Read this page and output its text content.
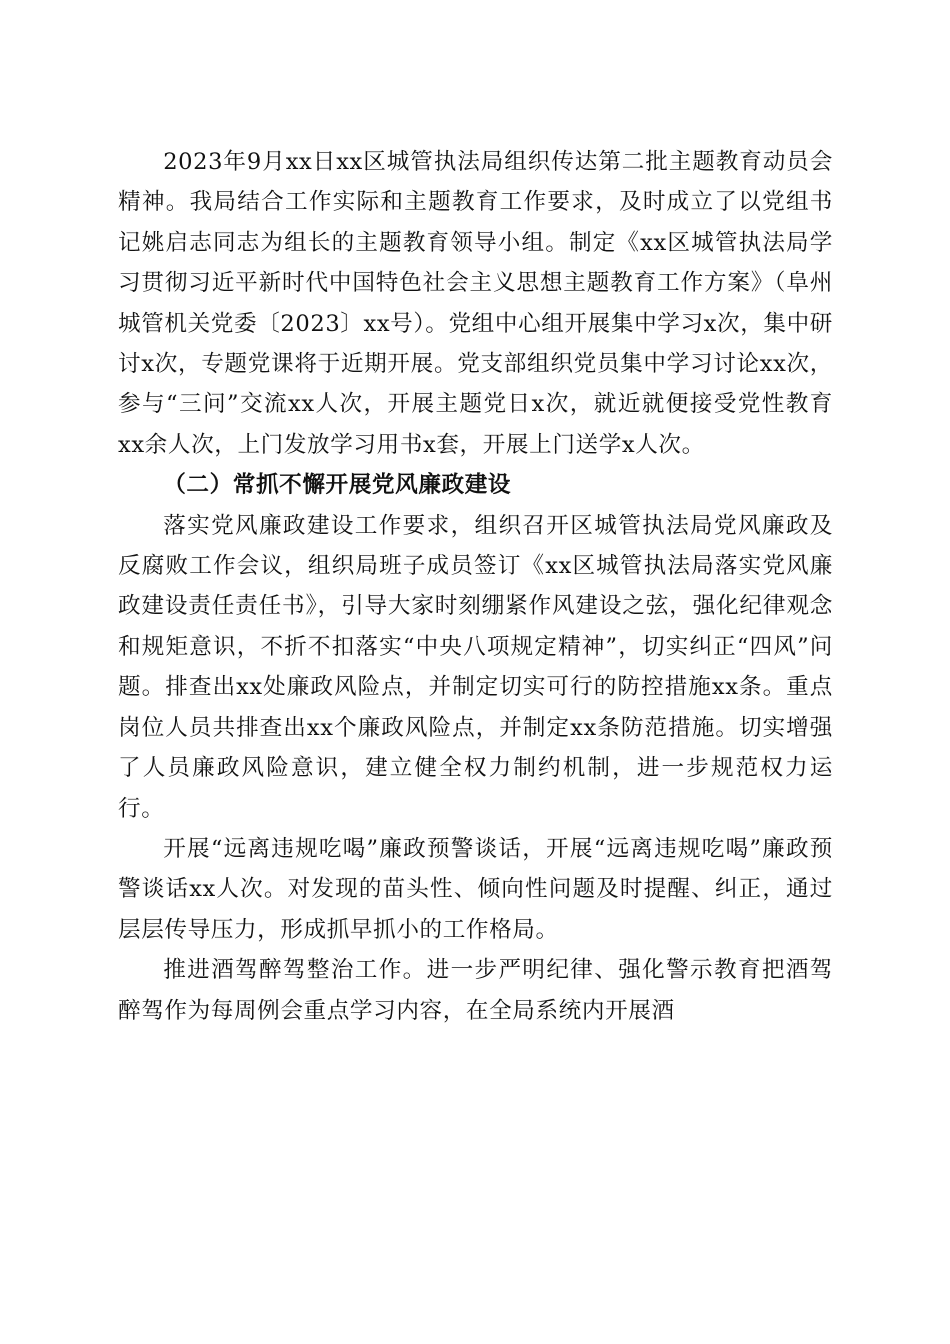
2023年9月xx日xx区城管执法局组织传达第二批主题教育动员会精神。我局结合工作实际和主题教育工作要求，及时成立了以党组书记姚启志同志为组长的主题教育领导小组。制定《xx区城管执法局学习贯彻习近平新时代中国特色社会主义思想主题教育工作方案》（阜州城管机关党委〔2023〕xx号）。党组中心组开展集中学习x次，集中研讨x次，专题党课将于近期开展。党支部组织党员集中学习讨论xx次，参与“三问”交流xx人次，开展主题党日x次，就近就便接受党性教育xx余人次，上门发放学习用书x套，开展上门送学x人次。

（二）常抓不懈开展党风廉政建设

落实党风廉政建设工作要求，组织召开区城管执法局党风廉政及反腐败工作会议，组织局班子成员签订《xx区城管执法局落实党风廉政建设责任责任书》，引导大家时刻绷紧作风建设之弦，强化纪律观念和规矩意识，不折不扣落实“中央八项规定精神”，切实纠正“四风”问题。排查出xx处廉政风险点，并制定切实可行的防控措施xx条。重点岗位人员共排查出xx个廉政风险点，并制定xx条防范措施。切实增强了人员廉政风险意识，建立健全权力制约机制，进一步规范权力运行。

开展“远离违规吃喝”廉政预警谈话，开展“远离违规吃喝”廉政预警谈话xx人次。对发现的苗头性、倾向性问题及时提醒、纠正，通过层层传导压力，形成抓早抓小的工作格局。

推进酒驾醉驾整治工作。进一步严明纪律、强化警示教育把酒驾醉驾作为每周例会重点学习内容，在全局系统内开展酒
